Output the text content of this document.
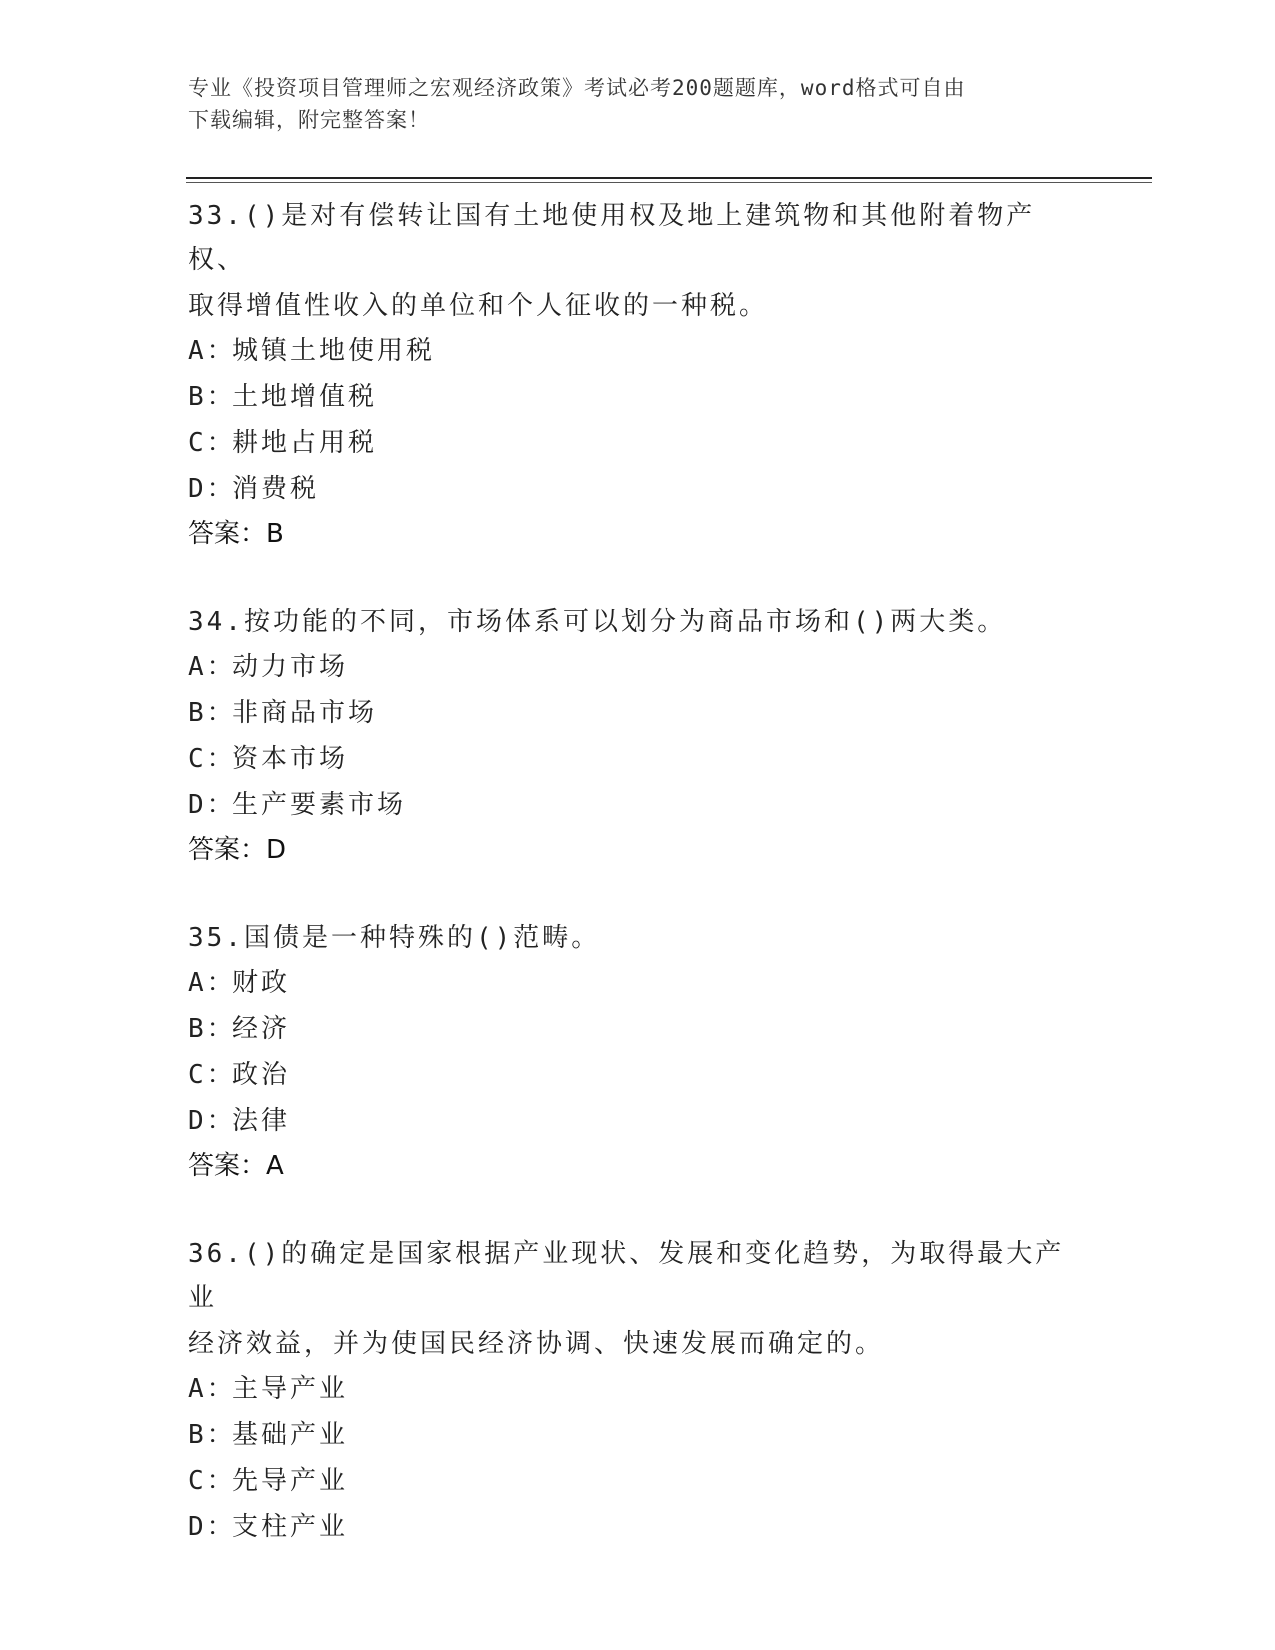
专业《投资项目管理师之宏观经济政策》考试必考200题题库，word格式可自由
下载编辑，附完整答案！

33.()是对有偿转让国有土地使用权及地上建筑物和其他附着物产权、

取得增值性收入的单位和个人征收的一种税。

A：
城镇土地使用税
B：
土地增值税
C：
耕地占用税
D：
消费税

答案：B

34.按功能的不同，市场体系可以划分为商品市场和()两大类。

A：
动力市场
B：
非商品市场
C：
资本市场
D：
生产要素市场

答案：D

35.国债是一种特殊的()范畴。

A：
财政
B：
经济
C：
政治
D：
法律

答案：A

36.()的确定是国家根据产业现状、发展和变化趋势，为取得最大产业

经济效益，并为使国民经济协调、快速发展而确定的。

A：
主导产业
B：
基础产业
C：
先导产业
D：
支柱产业
